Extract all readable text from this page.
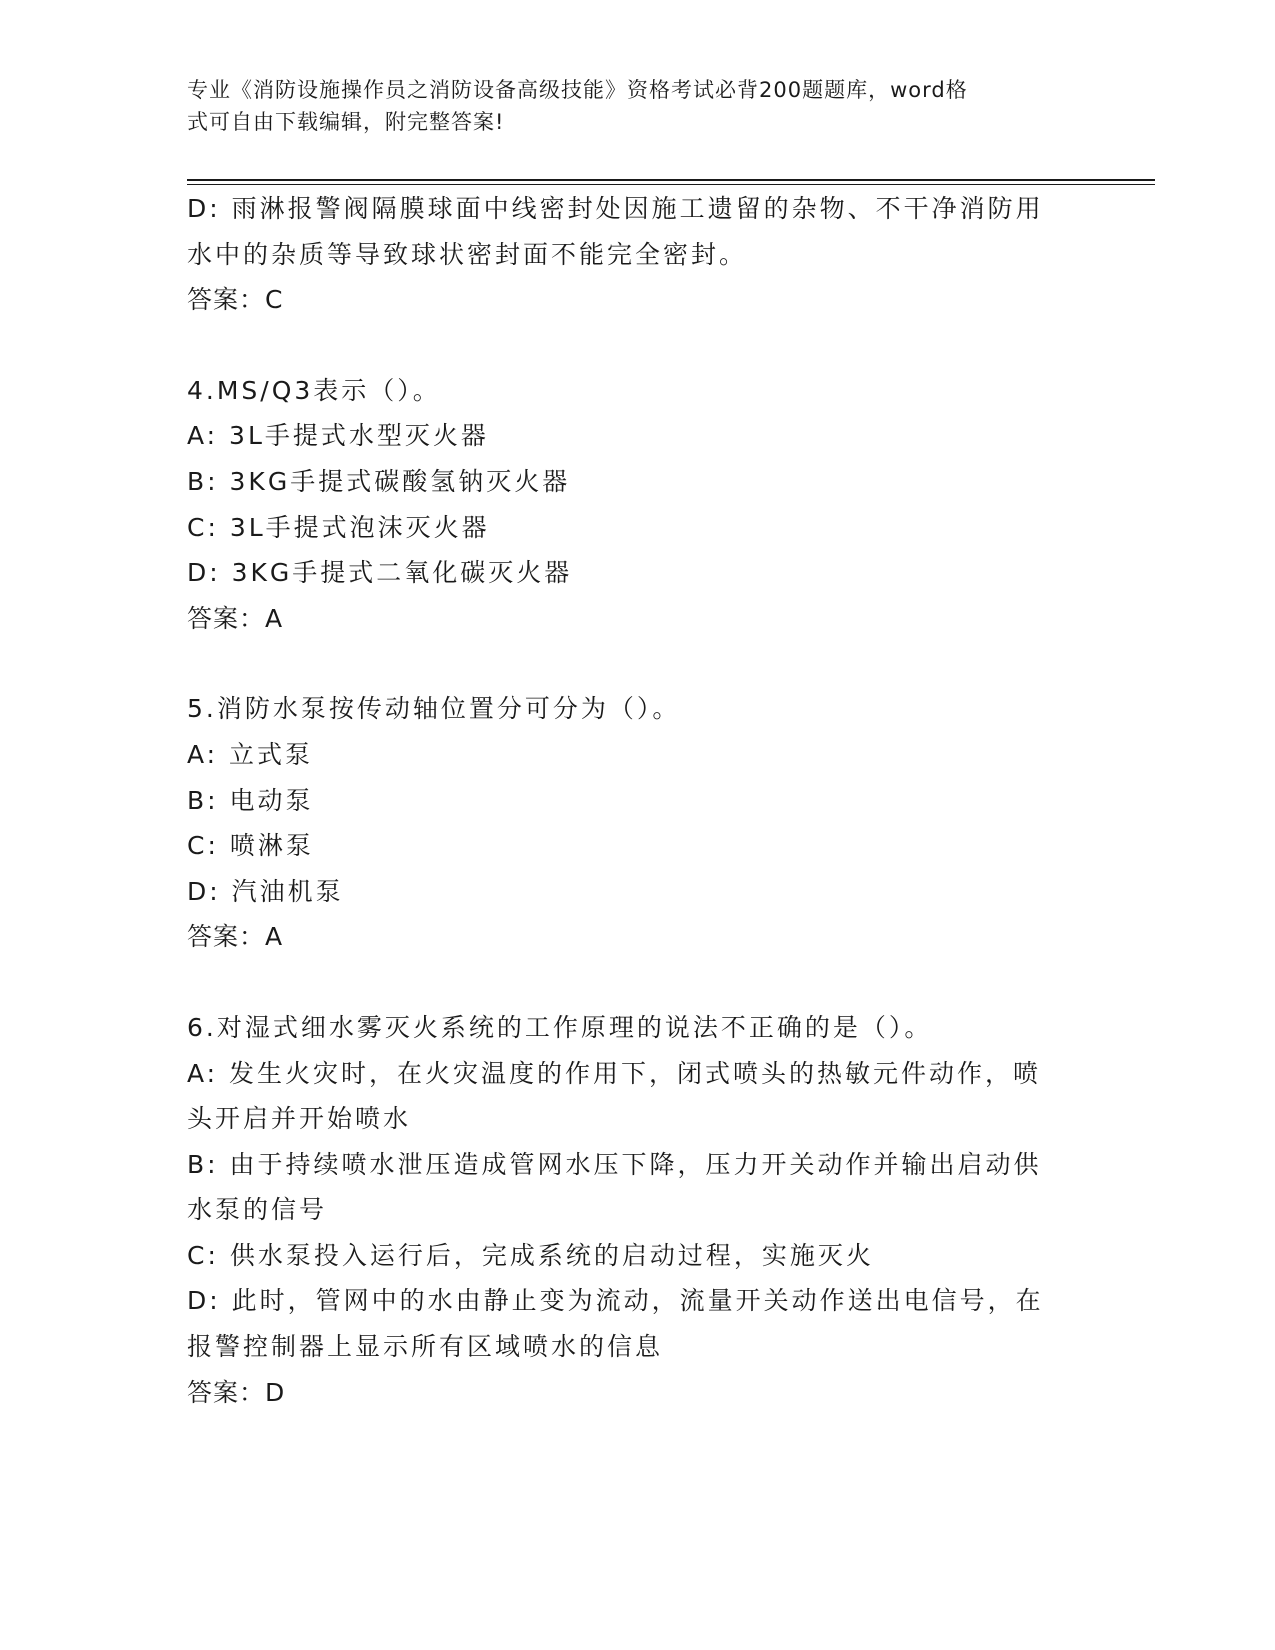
专业《消防设施操作员之消防设备高级技能》资格考试必背200题题库，word格
式可自由下载编辑，附完整答案!
D: 雨淋报警阀隔膜球面中线密封处因施工遗留的杂物、不干净消防用
水中的杂质等导致球状密封面不能完全密封。
答案：C
4.MS/Q3表示（）。
A: 3L手提式水型灭火器
B: 3KG手提式碳酸氢钠灭火器
C: 3L手提式泡沫灭火器
D: 3KG手提式二氧化碳灭火器
答案：A
5.消防水泵按传动轴位置分可分为（）。
A: 立式泵
B: 电动泵
C: 喷淋泵
D: 汽油机泵
答案：A
6.对湿式细水雾灭火系统的工作原理的说法不正确的是（）。
A: 发生火灾时，在火灾温度的作用下，闭式喷头的热敏元件动作，喷
头开启并开始喷水
B: 由于持续喷水泄压造成管网水压下降，压力开关动作并输出启动供
水泵的信号
C: 供水泵投入运行后，完成系统的启动过程，实施灭火
D: 此时，管网中的水由静止变为流动，流量开关动作送出电信号，在
报警控制器上显示所有区域喷水的信息
答案：D
